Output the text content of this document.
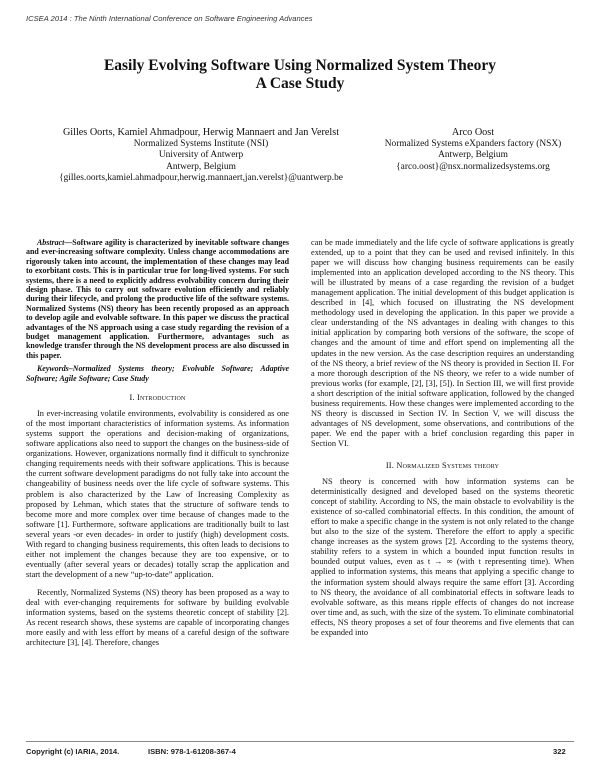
ICSEA 2014 : The Ninth International Conference on Software Engineering Advances
Easily Evolving Software Using Normalized System Theory
A Case Study
Gilles Oorts, Kamiel Ahmadpour, Herwig Mannaert and Jan Verelst
Normalized Systems Institute (NSI)
University of Antwerp
Antwerp, Belgium
{gilles.oorts,kamiel.ahmadpour,herwig.mannaert,jan.verelst}@uantwerp.be
Arco Oost
Normalized Systems eXpanders factory (NSX)
Antwerp, Belgium
{arco.oost}@nsx.normalizedsystems.org

Abstract—Software agility is characterized by inevitable software changes and ever-increasing software complexity. Unless change accommodations are rigorously taken into account, the implementation of these changes may lead to exorbitant costs. This is in particular true for long-lived systems. For such systems, there is a need to explicitly address evolvability concern during their design phase. This to carry out software evolution efficiently and reliably during their lifecycle, and prolong the productive life of the software systems. Normalized Systems (NS) theory has been recently proposed as an approach to develop agile and evolvable software. In this paper we discuss the practical advantages of the NS approach using a case study regarding the revision of a budget management application. Furthermore, advantages such as knowledge transfer through the NS development process are also discussed in this paper.

Keywords–Normalized Systems theory; Evolvable Software; Adaptive Software; Agile Software; Case Study

I. Introduction

In ever-increasing volatile environments, evolvability is considered as one of the most important characteristics of information systems. As information systems support the operations and decision-making of organizations, software applications also need to support the changes on the business-side of organizations. However, organizations normally find it difficult to synchronize changing requirements needs with their software applications. This is because the current software development paradigms do not fully take into account the changeability of business needs over the life cycle of software systems. This problem is also characterized by the Law of Increasing Complexity as proposed by Lehman, which states that the structure of software tends to become more and more complex over time because of changes made to the software [1]. Furthermore, software applications are traditionally built to last several years -or even decades- in order to justify (high) development costs. With regard to changing business requirements, this often leads to decisions to either not implement the changes because they are too expensive, or to eventually (after several years or decades) totally scrap the application and start the development of a new “up-to-date” application.

Recently, Normalized Systems (NS) theory has been proposed as a way to deal with ever-changing requirements for software by building evolvable information systems, based on the systems theoretic concept of stability [2]. As recent research shows, these systems are capable of incorporating changes more easily and with less effort by means of a careful design of the software architecture [3], [4]. Therefore, changes

can be made immediately and the life cycle of software applications is greatly extended, up to a point that they can be used and revised infinitely. In this paper we will discuss how changing business requirements can be easily implemented into an application developed according to the NS theory. This will be illustrated by means of a case regarding the revision of a budget management application. The initial development of this budget application is described in [4], which focused on illustrating the NS development methodology used in developing the application. In this paper we provide a clear understanding of the NS advantages in dealing with changes to this initial application by comparing both versions of the software, the scope of changes and the amount of time and effort spend on implementing all the updates in the new version. As the case description requires an understanding of the NS theory, a brief review of the NS theory is provided in Section II. For a more thorough description of the NS theory, we refer to a wide number of previous works (for example, [2], [3], [5]). In Section III, we will first provide a short description of the initial software application, followed by the changed business requirements. How these changes were implemented according to the NS theory is discussed in Section IV. In Section V, we will discuss the advantages of NS development, some observations, and contributions of the paper. We end the paper with a brief conclusion regarding this paper in Section VI.

II. Normalized Systems theory

NS theory is concerned with how information systems can be deterministically designed and developed based on the systems theoretic concept of stability. According to NS, the main obstacle to evolvability is the existence of so-called combinatorial effects. In this condition, the amount of effort to make a specific change in the system is not only related to the change but also to the size of the system. Therefore the effort to apply a specific change increases as the system grows [2]. According to the systems theory, stability refers to a system in which a bounded input function results in bounded output values, even as t → ∞ (with t representing time). When applied to information systems, this means that applying a specific change to the information system should always require the same effort [3]. According to NS theory, the avoidance of all combinatorial effects in software leads to evolvable software, as this means ripple effects of changes do not increase over time and, as such, with the size of the system. To eliminate combinatorial effects, NS theory proposes a set of four theorems and five elements that can be expanded into

Copyright (c) IARIA, 2014.	ISBN: 978-1-61208-367-4	322
